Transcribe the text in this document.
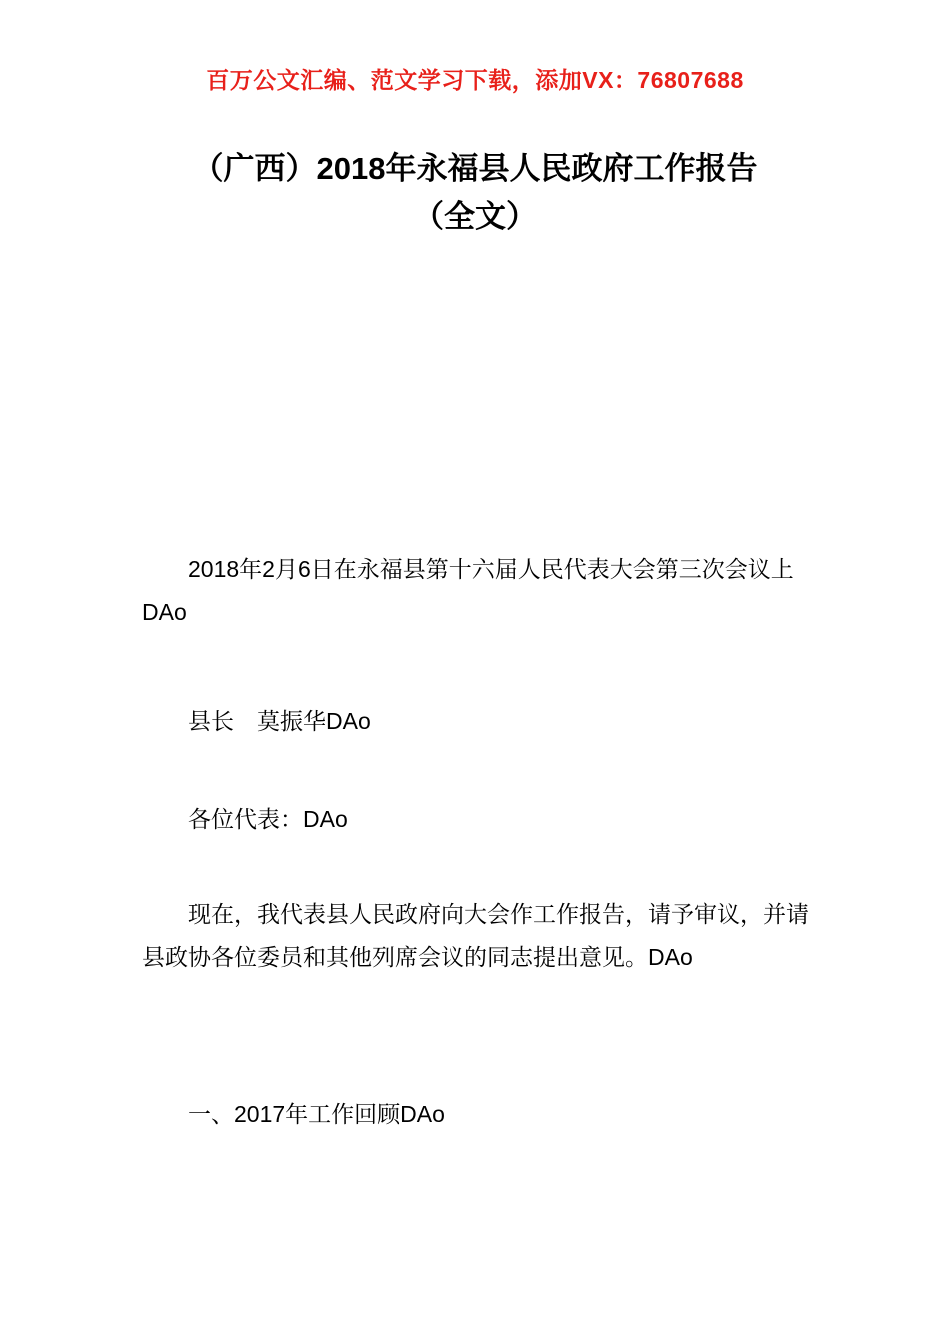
百万公文汇编、范文学习下载，添加VX：76807688
（广西）2018年永福县人民政府工作报告
（全文）
2018年2月6日在永福县第十六届人民代表大会第三次会议上DAo
县长　莫振华DAo
各位代表：DAo
现在，我代表县人民政府向大会作工作报告，请予审议，并请县政协各位委员和其他列席会议的同志提出意见。DAo
一、2017年工作回顾DAo
